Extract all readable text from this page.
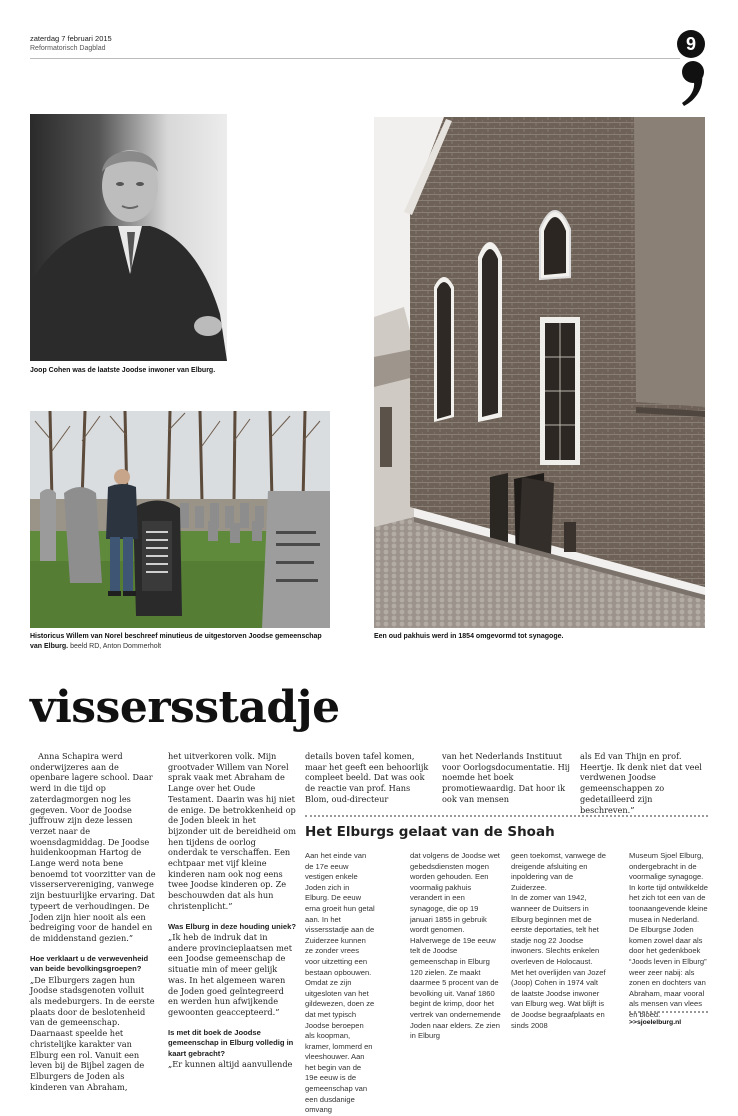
zaterdag 7 februari 2015
Reformatorisch Dagblad	9
Joop Cohen was de laatste Joodse inwoner van Elburg.
Historicus Willem van Norel beschreef minutieus de uitgestorven Joodse gemeenschap van Elburg. beeld RD, Anton Dommerholt
Een oud pakhuis werd in 1854 omgevormd tot synagoge.
vissersstadje

Anna Schapira werd onderwijzeres aan de openbare lagere school. Daar werd in die tijd op zaterdagmorgen nog les gegeven. Voor de Joodse juffrouw zijn deze lessen verzet naar de woensdagmiddag. De Joodse huidenkoopman Hartog de Lange werd nota bene benoemd tot voorzitter van de visserservereniging, vanwege zijn bestuurlijke ervaring. Dat typeert de verhoudingen. De Joden zijn hier nooit als een bedreiging voor de handel en de middenstand gezien.”

Hoe verklaart u de verwevenheid van beide bevolkingsgroepen?

„De Elburgers zagen hun Joodse stadsgenoten volluit als medeburgers. In de eerste plaats door de beslotenheid van de gemeenschap. Daarnaast speelde het christelijke karakter van Elburg een rol. Vanuit een leven bij de Bijbel zagen de Elburgers de Joden als kinderen van Abraham,

het uitverkoren volk. Mijn grootvader Willem van Norel sprak vaak met Abraham de Lange over het Oude Testament. Daarin was hij niet de enige. De betrokkenheid op de Joden bleek in het bijzonder uit de bereidheid om hen tijdens de oorlog onderdak te verschaffen. Een echtpaar met vijf kleine kinderen nam ook nog eens twee Joodse kinderen op. Ze beschouwden dat als hun christenplicht.”

Was Elburg in deze houding uniek?

„Ik heb de indruk dat in andere provincieplaatsen met een Joodse gemeenschap de situatie min of meer gelijk was. In het algemeen waren de Joden goed geïntegreerd en werden hun afwijkende gewoonten geaccepteerd.”

Is met dit boek de Joodse gemeenschap in Elburg volledig in kaart gebracht?

„Er kunnen altijd aanvullende

details boven tafel komen, maar het geeft een behoorlijk compleet beeld. Dat was ook de reactie van prof. Hans Blom, oud-directeur

van het Nederlands Instituut voor Oorlogsdocumentatie. Hij noemde het boek promotiewaardig. Dat hoor ik ook van mensen

als Ed van Thijn en prof. Heertje. Ik denk niet dat veel verdwenen Joodse gemeenschappen zo gedetailleerd zijn beschreven.”

Het Elburgs gelaat van de Shoah

Aan het einde van de 17e eeuw vestigen enkele Joden zich in Elburg. De eeuw erna groeit hun getal aan. In het vissersstadje aan de Zuiderzee kunnen ze zonder vrees voor uitzetting een bestaan opbouwen. Omdat ze zijn uitgesloten van het gildewezen, doen ze dat met typisch Joodse beroepen als koopman, kramer, lommerd en vleeshouwer. Aan het begin van de 19e eeuw is de gemeenschap van een dusdanige omvang

dat volgens de Joodse wet gebedsdiensten mogen worden gehouden. Een voormalig pakhuis verandert in een synagoge, die op 19 januari 1855 in gebruik wordt genomen. Halverwege de 19e eeuw telt de Joodse gemeenschap in Elburg 120 zielen. Ze maakt daarmee 5 procent van de bevolking uit. Vanaf 1860 begint de krimp, door het vertrek van ondernemende Joden naar elders. Ze zien in Elburg

geen toekomst, vanwege de dreigende afsluiting en inpoldering van de Zuiderzee.

In de zomer van 1942, wanneer de Duitsers in Elburg beginnen met de eerste deportaties, telt het stadje nog 22 Joodse inwoners. Slechts enkelen overleven de Holocaust. Met het overlijden van Jozef (Joop) Cohen in 1974 valt de laatste Joodse inwoner van Elburg weg. Wat blijft is de Joodse begraafplaats en sinds 2008

Museum Sjoel Elburg, ondergebracht in de voormalige synagoge. In korte tijd ontwikkelde het zich tot een van de toonaangevende kleine musea in Nederland. De Elburgse Joden komen zowel daar als door het gedenkboek “Joods leven in Elburg” weer zeer nabij: als zonen en dochters van Abraham, maar vooral als mensen van vlees en bloed.

>>sjoelelburg.nl
